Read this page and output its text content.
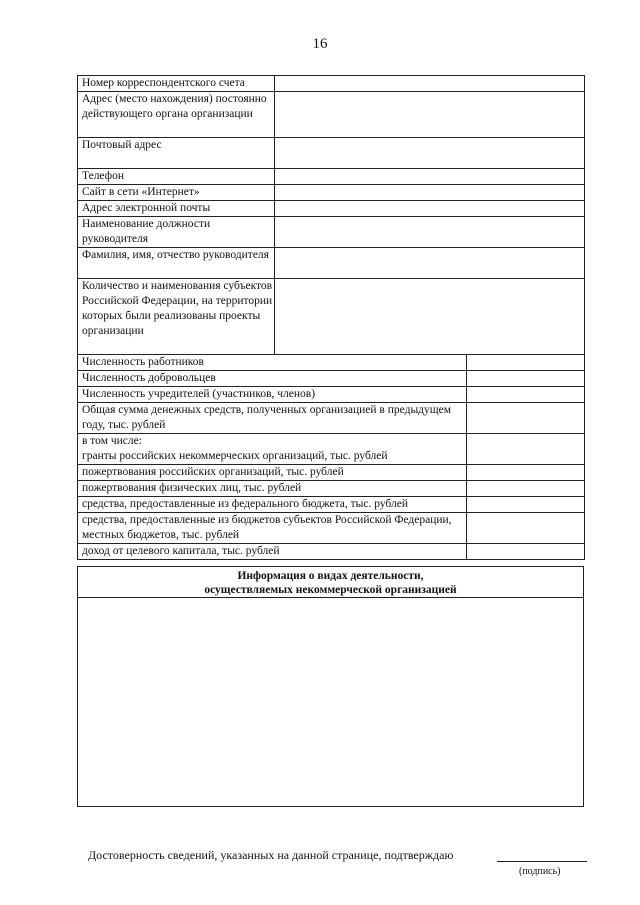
16
Номер корреспондентского счета		
Адрес (место нахождения) постоянно действующего органа организации		
Почтовый адрес		
Телефон		
Сайт в сети «Интернет»		
Адрес электронной почты		
Наименование должности руководителя		
Фамилия, имя, отчество руководителя		
Количество и наименования субъектов Российской Федерации, на территории которых были реализованы проекты организации		
Численность работников		
Численность добровольцев		
Численность учредителей (участников, членов)		
Общая сумма денежных средств, полученных организацией в предыдущем году, тыс. рублей		
в том числе:
гранты российских некоммерческих организаций, тыс. рублей		
пожертвования российских организаций, тыс. рублей		
пожертвования физических лиц, тыс. рублей		
средства, предоставленные из федерального бюджета, тыс. рублей		
средства, предоставленные из бюджетов субъектов Российской Федерации, местных бюджетов, тыс. рублей		
доход от целевого капитала, тыс. рублей		
Информация о видах деятельности,
осуществляемых некоммерческой организацией
Достоверность сведений, указанных на данной странице, подтверждаю
(подпись)
